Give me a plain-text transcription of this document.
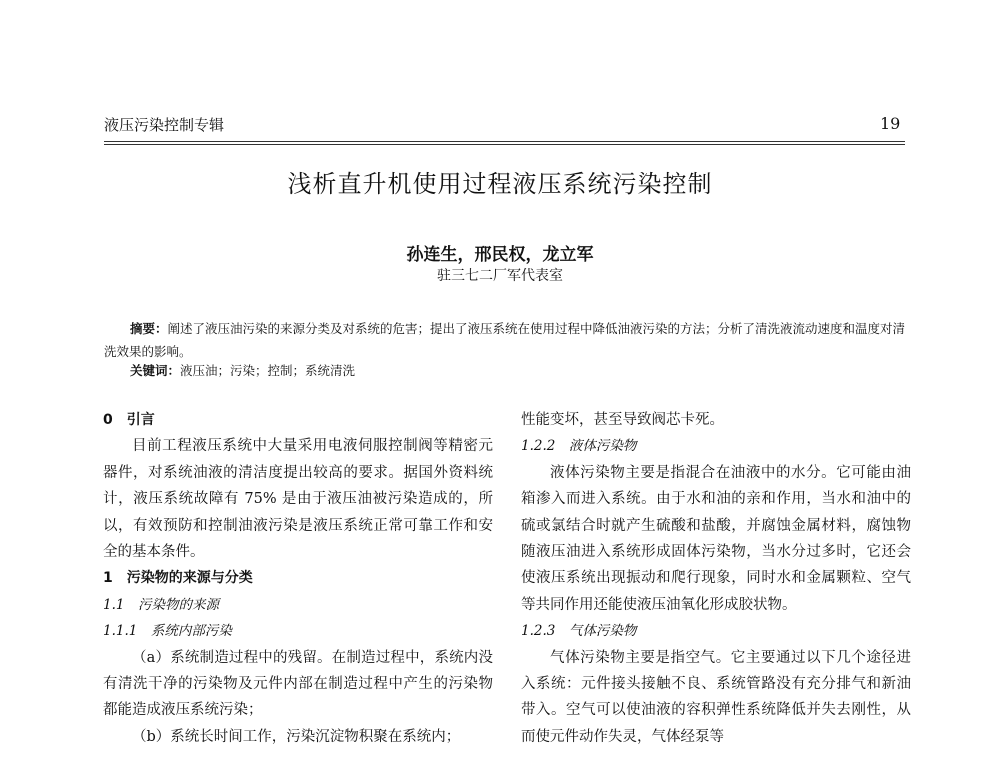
液压污染控制专辑	19
浅析直升机使用过程液压系统污染控制
孙连生，邢民权，龙立军
驻三七二厂军代表室

摘要：阐述了液压油污染的来源分类及对系统的危害；提出了液压系统在使用过程中降低油液污染的方法；分析了清洗液流动速度和温度对清洗效果的影响。

关键词：液压油；污染；控制；系统清洗

0　引言

目前工程液压系统中大量采用电液伺服控制阀等精密元器件，对系统油液的清洁度提出较高的要求。据国外资料统计，液压系统故障有 75% 是由于液压油被污染造成的，所以，有效预防和控制油液污染是液压系统正常可靠工作和安全的基本条件。

1　污染物的来源与分类

1.1　污染物的来源

1.1.1　系统内部污染

（a）系统制造过程中的残留。在制造过程中，系统内没有清洗干净的污染物及元件内部在制造过程中产生的污染物都能造成液压系统污染；

（b）系统长时间工作，污染沉淀物积聚在系统内；

性能变坏，甚至导致阀芯卡死。

1.2.2　液体污染物

液体污染物主要是指混合在油液中的水分。它可能由油箱渗入而进入系统。由于水和油的亲和作用，当水和油中的硫或氯结合时就产生硫酸和盐酸，并腐蚀金属材料，腐蚀物随液压油进入系统形成固体污染物，当水分过多时，它还会使液压系统出现振动和爬行现象，同时水和金属颗粒、空气等共同作用还能使液压油氧化形成胶状物。

1.2.3　气体污染物

气体污染物主要是指空气。它主要通过以下几个途径进入系统：元件接头接触不良、系统管路没有充分排气和新油带入。空气可以使油液的容积弹性系统降低并失去刚性，从而使元件动作失灵，气体经泵等
